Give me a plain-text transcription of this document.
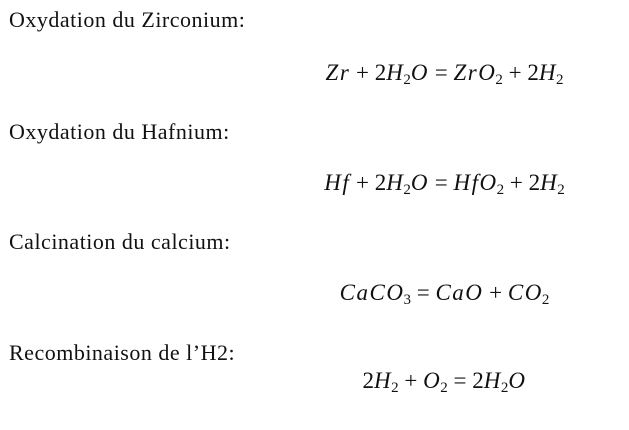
Oxydation du Zirconium:
Zr + 2H2O = ZrO2 + 2H2
Oxydation du Hafnium:
Hf + 2H2O = HfO2 + 2H2
Calcination du calcium:
CaCO3 = CaO + CO2
Recombinaison de l’H2:
2H2 + O2 = 2H2O
